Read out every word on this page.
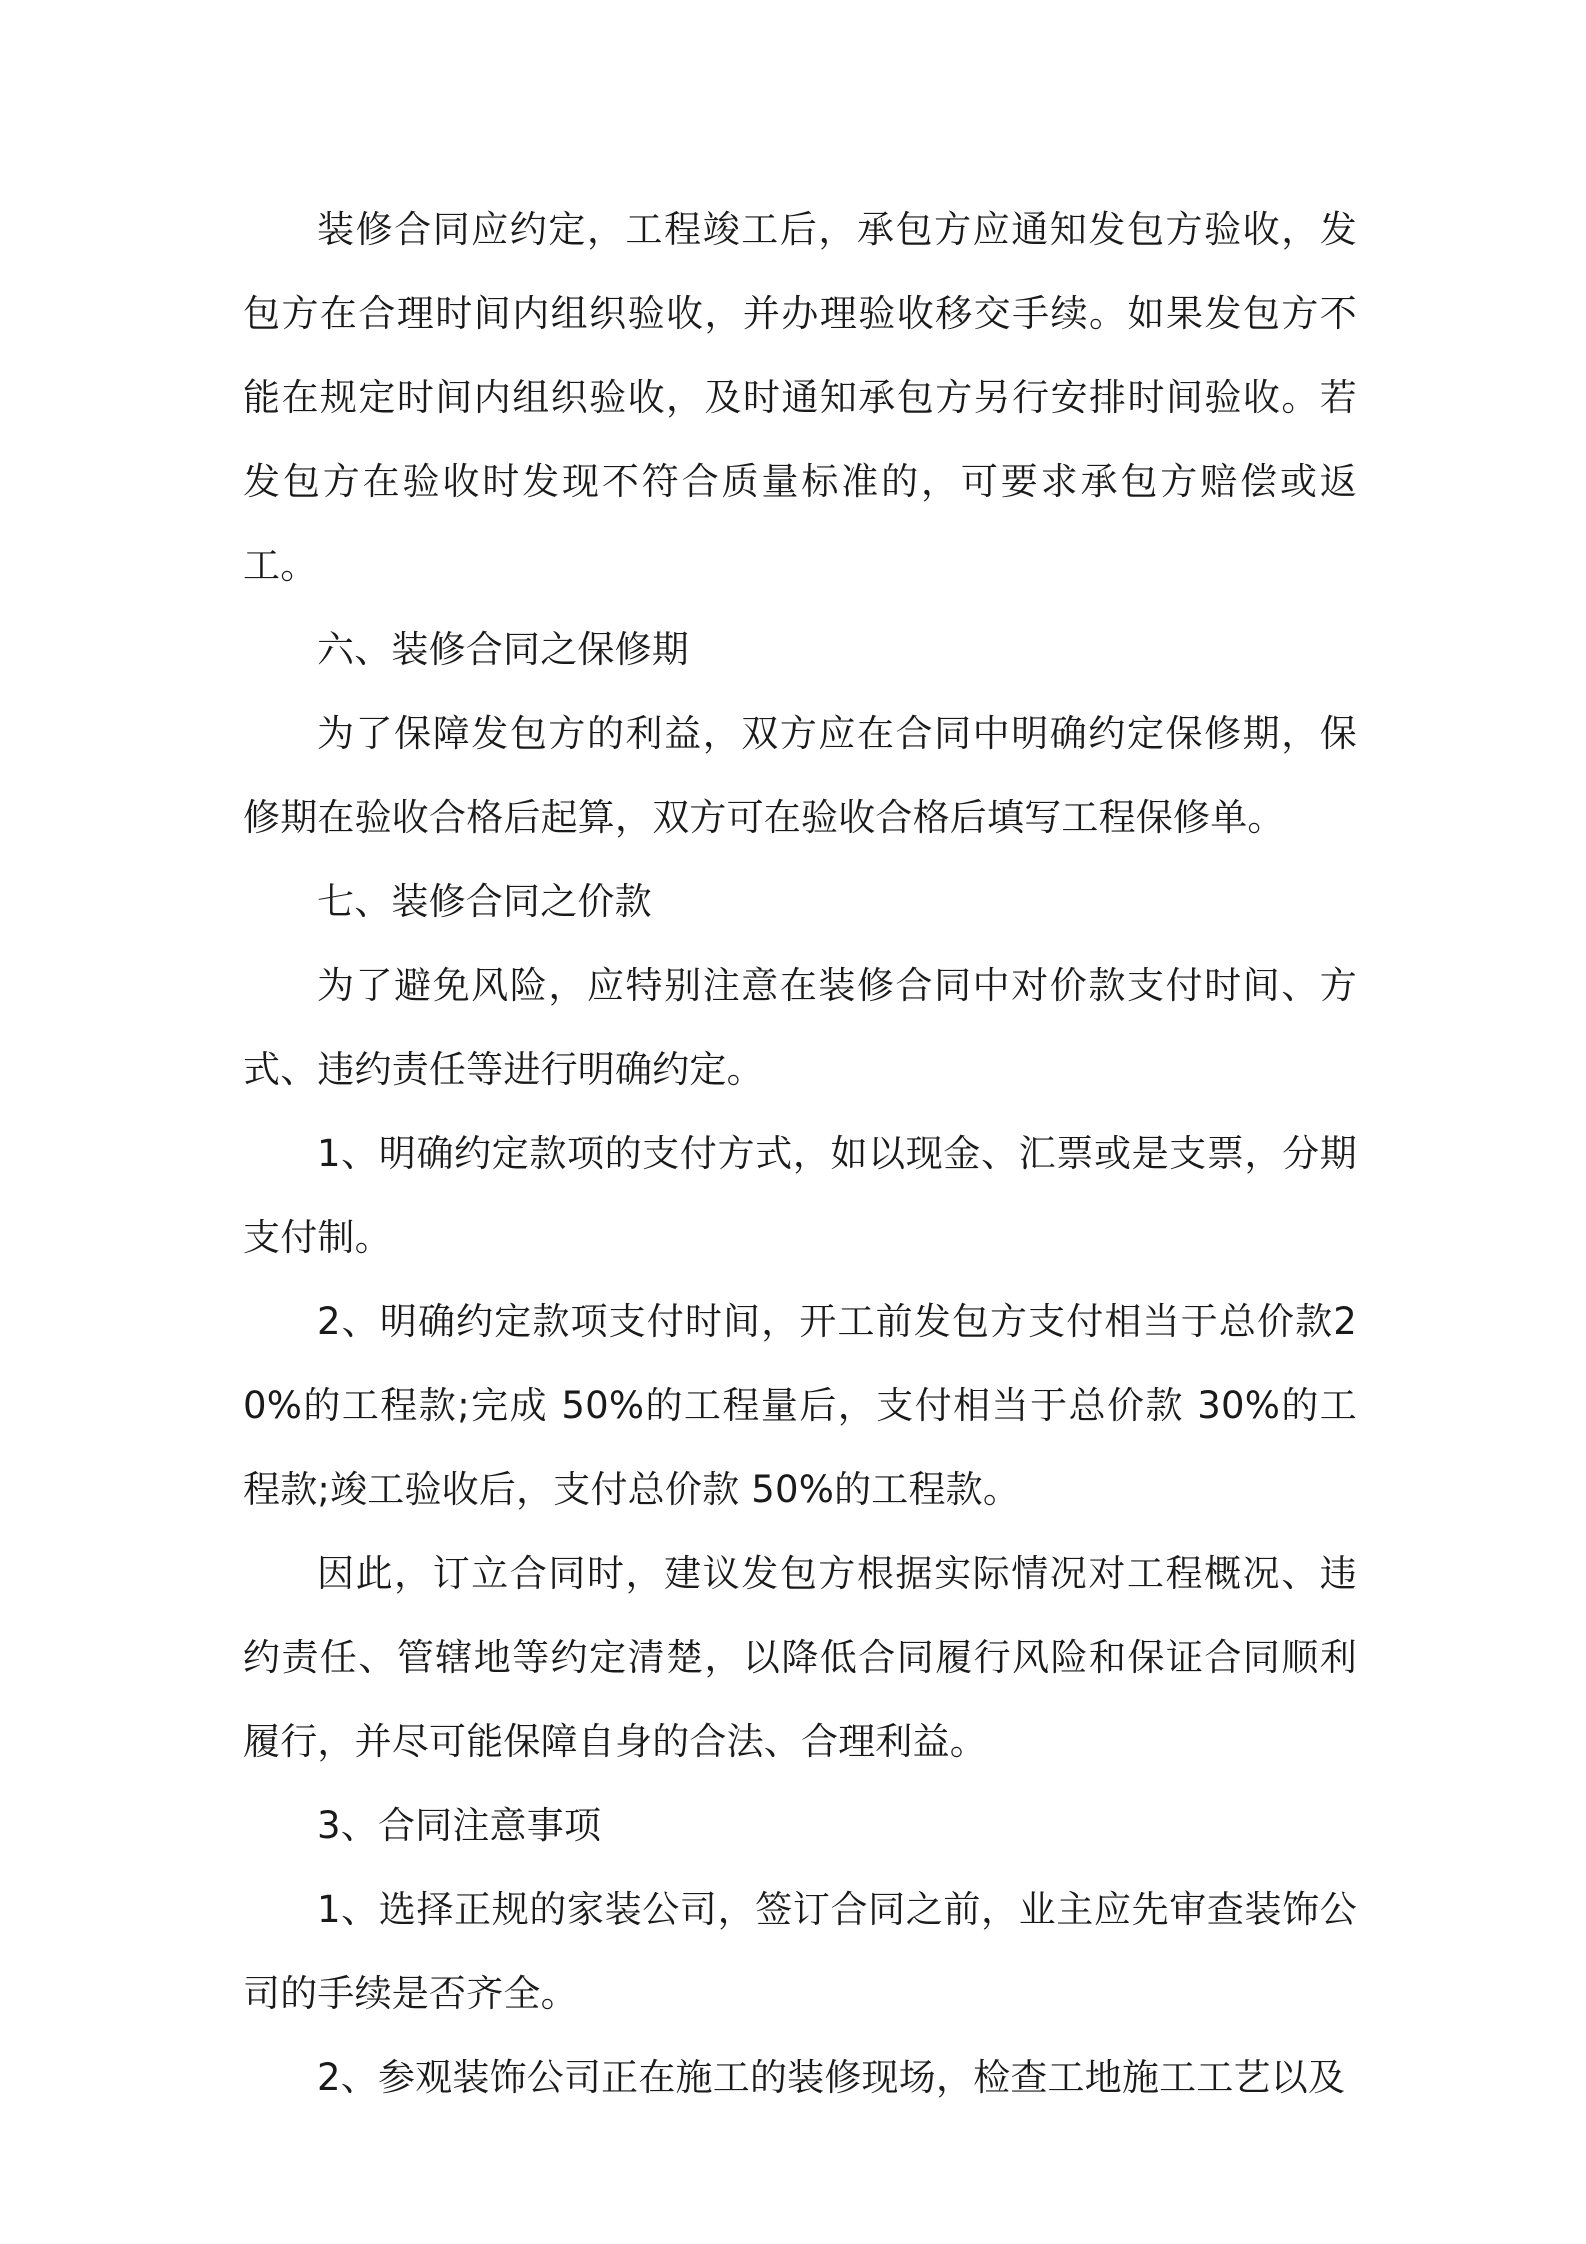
装修合同应约定，工程竣工后，承包方应通知发包方验收，发包方在合理时间内组织验收，并办理验收移交手续。如果发包方不能在规定时间内组织验收，及时通知承包方另行安排时间验收。若发包方在验收时发现不符合质量标准的，可要求承包方赔偿或返工。

六、装修合同之保修期

为了保障发包方的利益，双方应在合同中明确约定保修期，保修期在验收合格后起算，双方可在验收合格后填写工程保修单。

七、装修合同之价款

为了避免风险，应特别注意在装修合同中对价款支付时间、方式、违约责任等进行明确约定。

1、明确约定款项的支付方式，如以现金、汇票或是支票，分期支付制。

2、明确约定款项支付时间，开工前发包方支付相当于总价款20%的工程款;完成 50%的工程量后，支付相当于总价款 30%的工程款;竣工验收后，支付总价款 50%的工程款。

因此，订立合同时，建议发包方根据实际情况对工程概况、违约责任、管辖地等约定清楚，以降低合同履行风险和保证合同顺利履行，并尽可能保障自身的合法、合理利益。

3、合同注意事项

1、选择正规的家装公司，签订合同之前，业主应先审查装饰公司的手续是否齐全。

2、参观装饰公司正在施工的装修现场，检查工地施工工艺以及
